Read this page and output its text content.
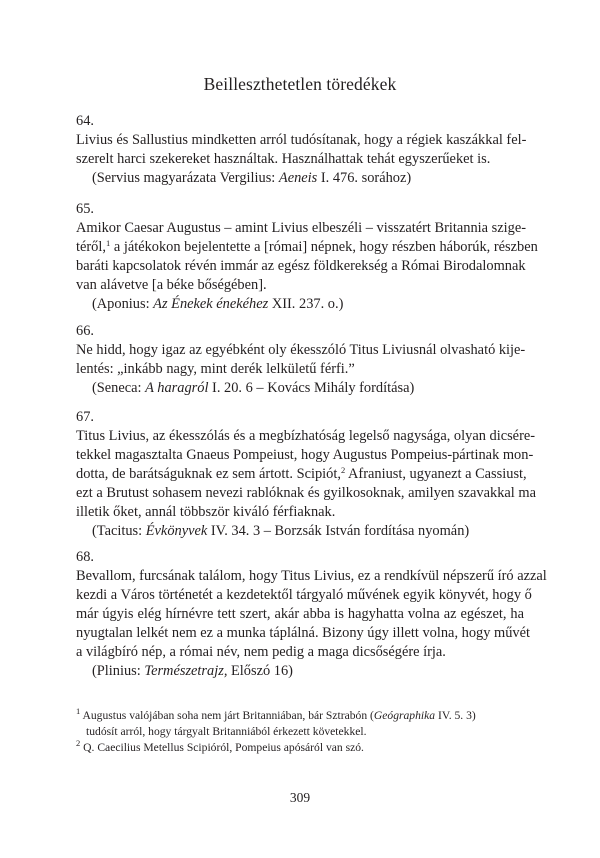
Beilleszthetetlen töredékek
64.
Livius és Sallustius mindketten arról tudósítanak, hogy a régiek kaszákkal fel-
szerelt harci szekereket használtak. Használhattak tehát egyszerűeket is.
(Servius magyarázata Vergilius: Aeneis I. 476. sorához)
65.
Amikor Caesar Augustus – amint Livius elbeszéli – visszatért Britannia szige-
téről,$^1$ a játékokon bejelentette a [római] népnek, hogy részben háborúk, részben
baráti kapcsolatok révén immár az egész földkerekség a Római Birodalomnak
van alávetve [a béke bőségében].
(Aponius: Az Énekek énekéhez XII. 237. o.)
66.
Ne hidd, hogy igaz az egyébként oly ékesszóló Titus Liviusnál olvasható kije-
lentés: „inkább nagy, mint derék lelkületű férfi.”
(Seneca: A haragról I. 20. 6 – Kovács Mihály fordítása)
67.
Titus Livius, az ékesszólás és a megbízhatóság legelső nagysága, olyan dicsére-
tekkel magasztalta Gnaeus Pompeiust, hogy Augustus Pompeius-pártinak mon-
dotta, de barátságuknak ez sem ártott. Scipiót,$^2$ Afraniust, ugyanezt a Cassiust,
ezt a Brutust sohasem nevezi rablóknak és gyilkosoknak, amilyen szavakkal ma
illetik őket, annál többször kiváló férfiaknak.
(Tacitus: Évkönyvek IV. 34. 3 – Borzsák István fordítása nyomán)
68.
Bevallom, furcsának találom, hogy Titus Livius, ez a rendkívül népszerű író azzal
kezdi a Város történetét a kezdetektől tárgyaló művének egyik könyvét, hogy ő
már úgyis elég hírnévre tett szert, akár abba is hagyhatta volna az egészet, ha
nyugtalan lelkét nem ez a munka táplálná. Bizony úgy illett volna, hogy művét
a világbíró nép, a római név, nem pedig a maga dicsőségére írja.
(Plinius: Természetrajz, Előszó 16)
$^1$ Augustus valójában soha nem járt Britanniában, bár Sztrabón (Geógraphika IV. 5. 3)
tudósít arról, hogy tárgyalt Britanniából érkezett követekkel.
$^2$ Q. Caecilius Metellus Scipióról, Pompeius apósáról van szó.
309
